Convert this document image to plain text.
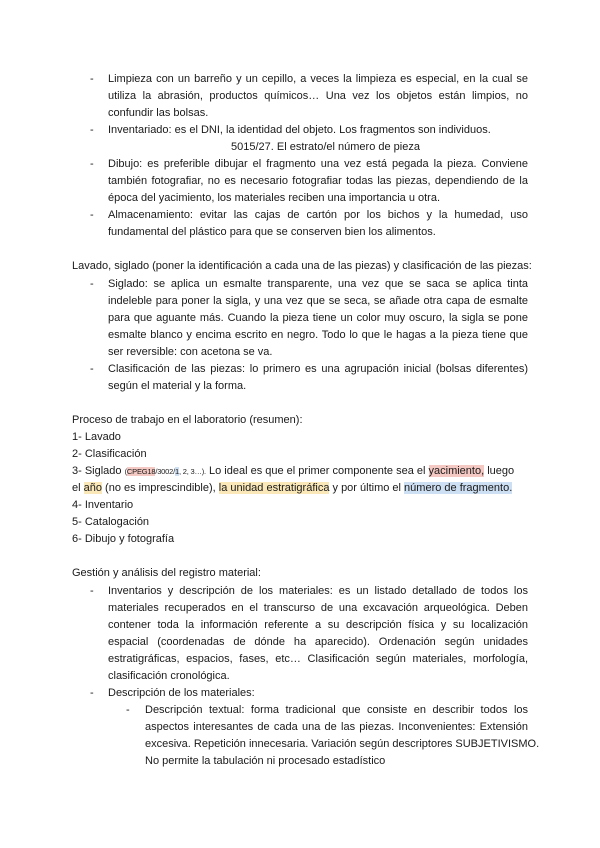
- Limpieza con un barreño y un cepillo, a veces la limpieza es especial, en la cual se
utiliza la abrasión, productos químicos… Una vez los objetos están limpios, no
confundir las bolsas.
- Inventariado: es el DNI, la identidad del objeto. Los fragmentos son individuos.
5015/27. El estrato/el número de pieza
- Dibujo: es preferible dibujar el fragmento una vez está pegada la pieza. Conviene
también fotografiar, no es necesario fotografiar todas las piezas, dependiendo de la
época del yacimiento, los materiales reciben una importancia u otra.
- Almacenamiento: evitar las cajas de cartón por los bichos y la humedad, uso
fundamental del plástico para que se conserven bien los alimentos.
Lavado, siglado (poner la identificación a cada una de las piezas) y clasificación de las piezas:
- Siglado: se aplica un esmalte transparente, una vez que se saca se aplica tinta
indeleble para poner la sigla, y una vez que se seca, se añade otra capa de esmalte
para que aguante más. Cuando la pieza tiene un color muy oscuro, la sigla se pone
esmalte blanco y encima escrito en negro. Todo lo que le hagas a la pieza tiene que
ser reversible: con acetona se va.
- Clasificación de las piezas: lo primero es una agrupación inicial (bolsas diferentes)
según el material y la forma.
Proceso de trabajo en el laboratorio (resumen):
1- Lavado
2- Clasificación
3- Siglado (CPEG18/3002/1, 2, 3…). Lo ideal es que el primer componente sea el yacimiento, luego
el año (no es imprescindible), la unidad estratigráfica y por último el número de fragmento.
4- Inventario
5- Catalogación
6- Dibujo y fotografía
Gestión y análisis del registro material:
- Inventarios y descripción de los materiales: es un listado detallado de todos los
materiales recuperados en el transcurso de una excavación arqueológica. Deben
contener toda la información referente a su descripción física y su localización
espacial (coordenadas de dónde ha aparecido). Ordenación según unidades
estratigráficas, espacios, fases, etc… Clasificación según materiales, morfología,
clasificación cronológica.
- Descripción de los materiales:
- Descripción textual: forma tradicional que consiste en describir todos los
aspectos interesantes de cada una de las piezas. Inconvenientes: Extensión
excesiva. Repetición innecesaria. Variación según descriptores SUBJETIVISMO.
No permite la tabulación ni procesado estadístico
